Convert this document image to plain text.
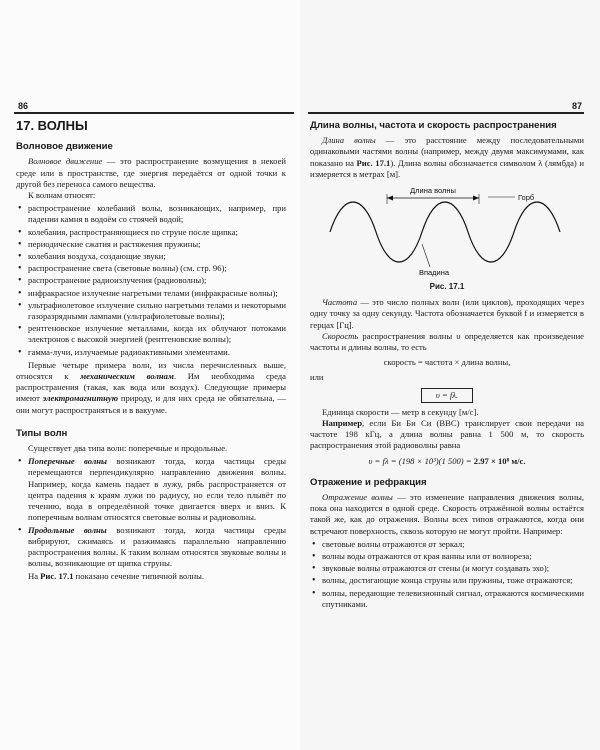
86
17. ВОЛНЫ
Волновое движение

Волновое движение — это распространение возмущения в некоей среде или в пространстве, где энергия передаётся от одной точки к другой без переноса самого вещества.

К волнам относят:

• распространение колебаний волы, возникающих, например, при падении камня в водоём со стоячей водой;
• колебания, распространяющиеся по струне после щипка;
• периодические сжатия и растяжения пружины;
• колебания воздуха, создающие звуки;
• распространение света (световые волны) (см. стр. 96);
• распространение радиоизлучения (радиоволны);
• инфракрасное излучение нагретыми телами (инфракрасные волны);
• ультрафиолетовое излучение сильно нагретыми телами и некоторыми газоразрядными лампами (ультрафиолетовые волны);
• рентгеновское излучение металлами, когда их облучают потоками электронов с высокой энергией (рентгеновские волны);
• гамма-лучи, излучаемые радиоактивными элементами.

Первые четыре примера волн, из числа перечисленных выше, относятся к механическим волнам. Им необходима среда распространения (такая, как вода или воздух). Следующие примеры имеют электромагнитную природу, и для них среда не обязательна, — они могут распространяться и в вакууме.

Типы волн

Существует два типа волн: поперечные и продольные.

• Поперечные волны возникают тогда, когда частицы среды перемещаются перпендикулярно направлению движения волны. Например, когда камень падает в лужу, рябь распространяется от центра падения к краям лужи по радиусу, но если тело плывёт по течению, вода в определённой точке двигается вверх и вниз. К поперечным волнам относятся световые волны и радиоволны.
• Продольные волны возникают тогда, когда частицы среды вибрируют, сжимаясь и разжимаясь параллельно направлению распространения волны. К таким волнам относятся звуковые волны и волны, возникающие от щипка струны.

На Рис. 17.1 показано сечение типичной волны.

87
Длина волны, частота и скорость распространения

Длина волны — это расстояние между последовательными одинаковыми частями волны (например, между двумя максимумами, как показано на Рис. 17.1). Длина волны обозначается символом λ (лямбда) и измеряется в метрах [м].

Длина волны
Горб
Впадина
Рис. 17.1

Частота — это число полных волн (или циклов), проходящих через одну точку за одну секунду. Частота обозначается буквой f и измеряется в герцах [Гц].

Скорость распространения волны υ определяется как произведение частоты и длины волны, то есть

скорость = частота × длина волны,
или
υ = fλ.

Единица скорости — метр в секунду [м/с].

Например, если Би Би Си (BBC) транслирует свои передачи на частоте 198 кГц, а длина волны равна 1 500 м, то скорость распространения этой радиоволны равна

υ = fλ = (198 × 10³)(1 500) = 2.97 × 10⁸ м/с.
Отражение и рефракция

Отражение волны — это изменение направления движения волны, пока она находится в одной среде. Скорость отражённой волны остаётся такой же, как до отражения. Волны всех типов отражаются, когда они встречают поверхность, сквозь которую не могут пройти. Например:

• световые волны отражаются от зеркал;
• волны воды отражаются от края ванны или от волнореза;
• звуковые волны отражаются от стены (и могут создавать эхо);
• волны, достигающие конца струны или пружины, тоже отражаются;
• волны, передающие телевизионный сигнал, отражаются космическими спутниками.
